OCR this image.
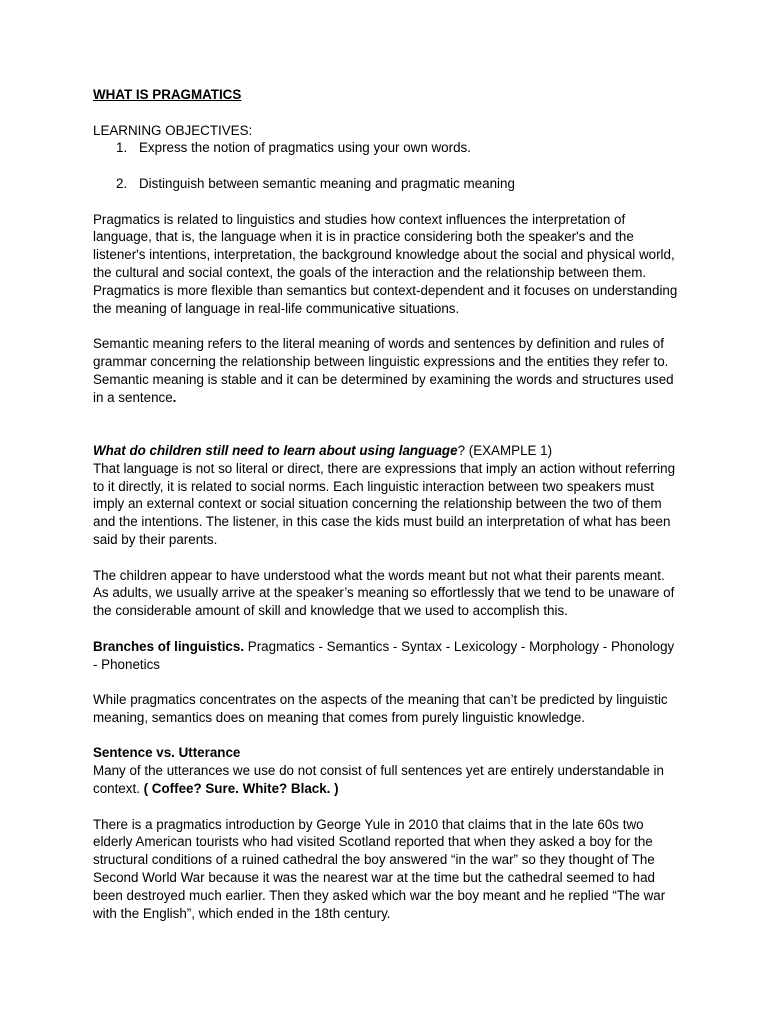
WHAT IS PRAGMATICS

LEARNING OBJECTIVES:

1. Express the notion of pragmatics using your own words.
2. Distinguish between semantic meaning and pragmatic meaning

Pragmatics is related to linguistics and studies how context influences the interpretation of language, that is, the language when it is in practice considering both the speaker's and the listener's intentions, interpretation, the background knowledge about the social and physical world, the cultural and social context, the goals of the interaction and the relationship between them. Pragmatics is more flexible than semantics but context-dependent and it focuses on understanding the meaning of language in real-life communicative situations.

Semantic meaning refers to the literal meaning of words and sentences by definition and rules of grammar concerning the relationship between linguistic expressions and the entities they refer to. Semantic meaning is stable and it can be determined by examining the words and structures used in a sentence.

What do children still need to learn about using language? (EXAMPLE 1)

That language is not so literal or direct, there are expressions that imply an action without referring to it directly, it is related to social norms. Each linguistic interaction between two speakers must imply an external context or social situation concerning the relationship between the two of them and the intentions. The listener, in this case the kids must build an interpretation of what has been said by their parents.

The children appear to have understood what the words meant but not what their parents meant. As adults, we usually arrive at the speaker’s meaning so effortlessly that we tend to be unaware of the considerable amount of skill and knowledge that we used to accomplish this.

Branches of linguistics. Pragmatics - Semantics - Syntax - Lexicology - Morphology - Phonology - Phonetics

While pragmatics concentrates on the aspects of the meaning that can’t be predicted by linguistic meaning, semantics does on meaning that comes from purely linguistic knowledge.

Sentence vs. Utterance

Many of the utterances we use do not consist of full sentences yet are entirely understandable in context. ( Coffee? Sure. White? Black. )

There is a pragmatics introduction by George Yule in 2010 that claims that in the late 60s two elderly American tourists who had visited Scotland reported that when they asked a boy for the structural conditions of a ruined cathedral the boy answered “in the war” so they thought of The Second World War because it was the nearest war at the time but the cathedral seemed to had been destroyed much earlier. Then they asked which war the boy meant and he replied “The war with the English”, which ended in the 18th century.
